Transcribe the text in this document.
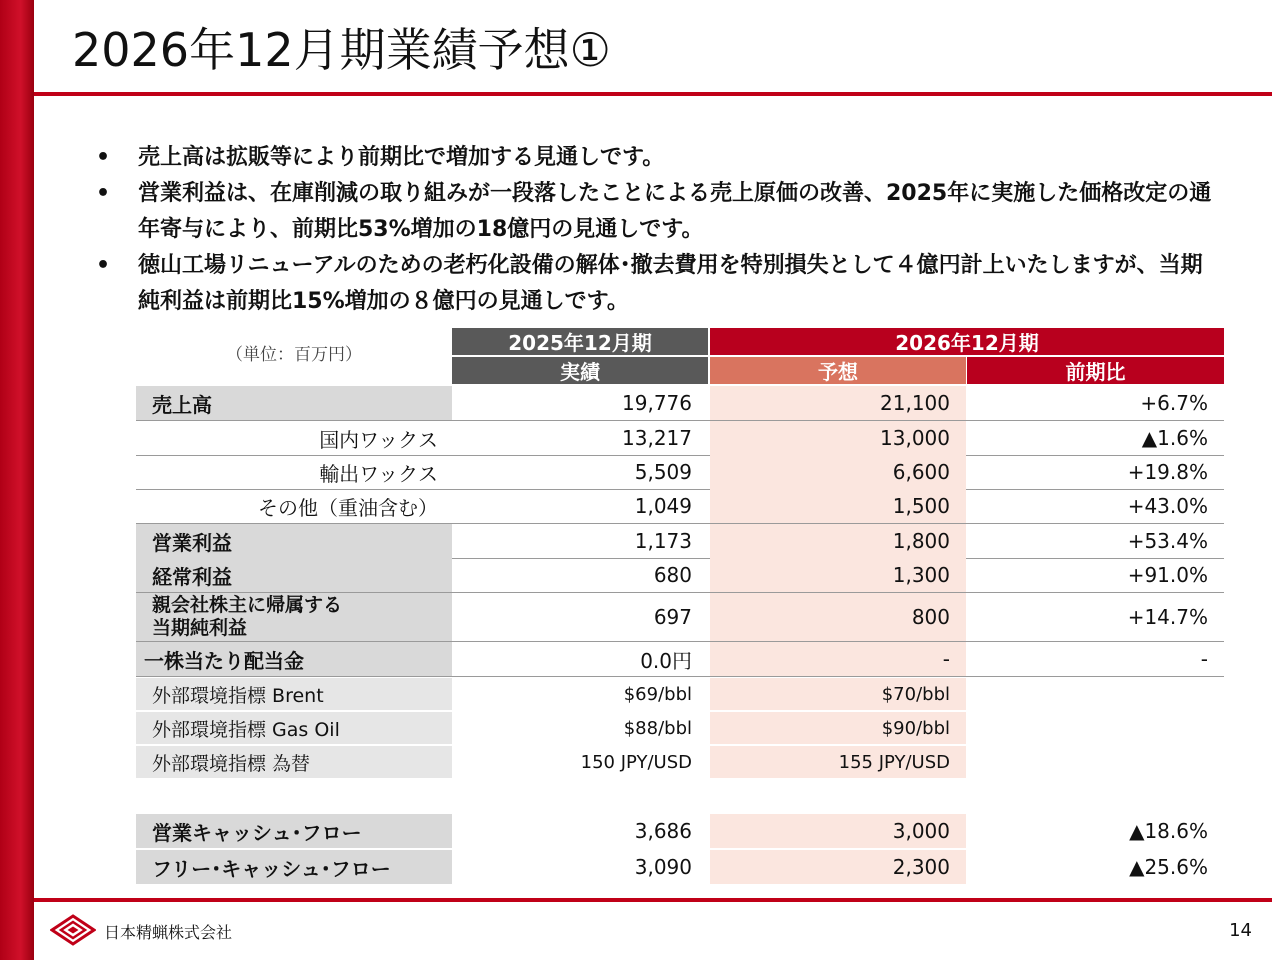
2026年12月期業績予想①
• 売上高は拡販等により前期比で増加する見通しです。
• 営業利益は、在庫削減の取り組みが一段落したことによる売上原価の改善、2025年に実施した価格改定の通年寄与により、前期比53%増加の18億円の見通しです。
• 徳山工場リニューアルのための老朽化設備の解体･撤去費用を特別損失として４億円計上いたしますが、当期純利益は前期比15%増加の８億円の見通しです。
2025年12月期	2026年12月期
（単位：百万円）
実績	予想	前期比
売上高	19,776	21,100	+6.7%
国内ワックス	13,217	13,000	▲1.6%
輸出ワックス	5,509	6,600	+19.8%
その他（重油含む）	1,049	1,500	+43.0%
営業利益	1,173	1,800	+53.4%
経常利益	680	1,300	+91.0%
親会社株主に帰属する
当期純利益	697	800	+14.7%
一株当たり配当金	0.0円	-	-
外部環境指標 Brent	$69/bbl	$70/bbl
外部環境指標 Gas Oil	$88/bbl	$90/bbl
外部環境指標 為替	150 JPY/USD	155 JPY/USD
営業キャッシュ･フロー	3,686	3,000	▲18.6%
フリー･キャッシュ･フロー	3,090	2,300	▲25.6%
日本精蝋株式会社	14
